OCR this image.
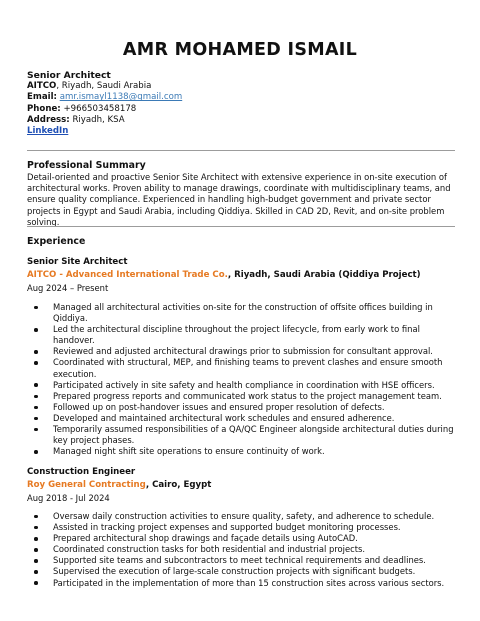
AMR MOHAMED ISMAIL
Senior Architect
AITCO, Riyadh, Saudi Arabia
Email: amr.ismayl1138@gmail.com
Phone: +966503458178
Address: Riyadh, KSA
LinkedIn
Professional Summary
Detail-oriented and proactive Senior Site Architect with extensive experience in on-site execution of architectural works. Proven ability to manage drawings, coordinate with multidisciplinary teams, and ensure quality compliance. Experienced in handling high-budget government and private sector projects in Egypt and Saudi Arabia, including Qiddiya. Skilled in CAD 2D, Revit, and on-site problem solving.
Experience
Senior Site Architect
AITCO - Advanced International Trade Co., Riyadh, Saudi Arabia (Qiddiya Project)
Aug 2024 – Present
Managed all architectural activities on-site for the construction of offsite offices building in Qiddiya.
Led the architectural discipline throughout the project lifecycle, from early work to final handover.
Reviewed and adjusted architectural drawings prior to submission for consultant approval.
Coordinated with structural, MEP, and finishing teams to prevent clashes and ensure smooth execution.
Participated actively in site safety and health compliance in coordination with HSE officers.
Prepared progress reports and communicated work status to the project management team.
Followed up on post-handover issues and ensured proper resolution of defects.
Developed and maintained architectural work schedules and ensured adherence.
Temporarily assumed responsibilities of a QA/QC Engineer alongside architectural duties during key project phases.
Managed night shift site operations to ensure continuity of work.
Construction Engineer
Roy General Contracting, Cairo, Egypt
Aug 2018 - Jul 2024
Oversaw daily construction activities to ensure quality, safety, and adherence to schedule.
Assisted in tracking project expenses and supported budget monitoring processes.
Prepared architectural shop drawings and façade details using AutoCAD.
Coordinated construction tasks for both residential and industrial projects.
Supported site teams and subcontractors to meet technical requirements and deadlines.
Supervised the execution of large-scale construction projects with significant budgets.
Participated in the implementation of more than 15 construction sites across various sectors.
